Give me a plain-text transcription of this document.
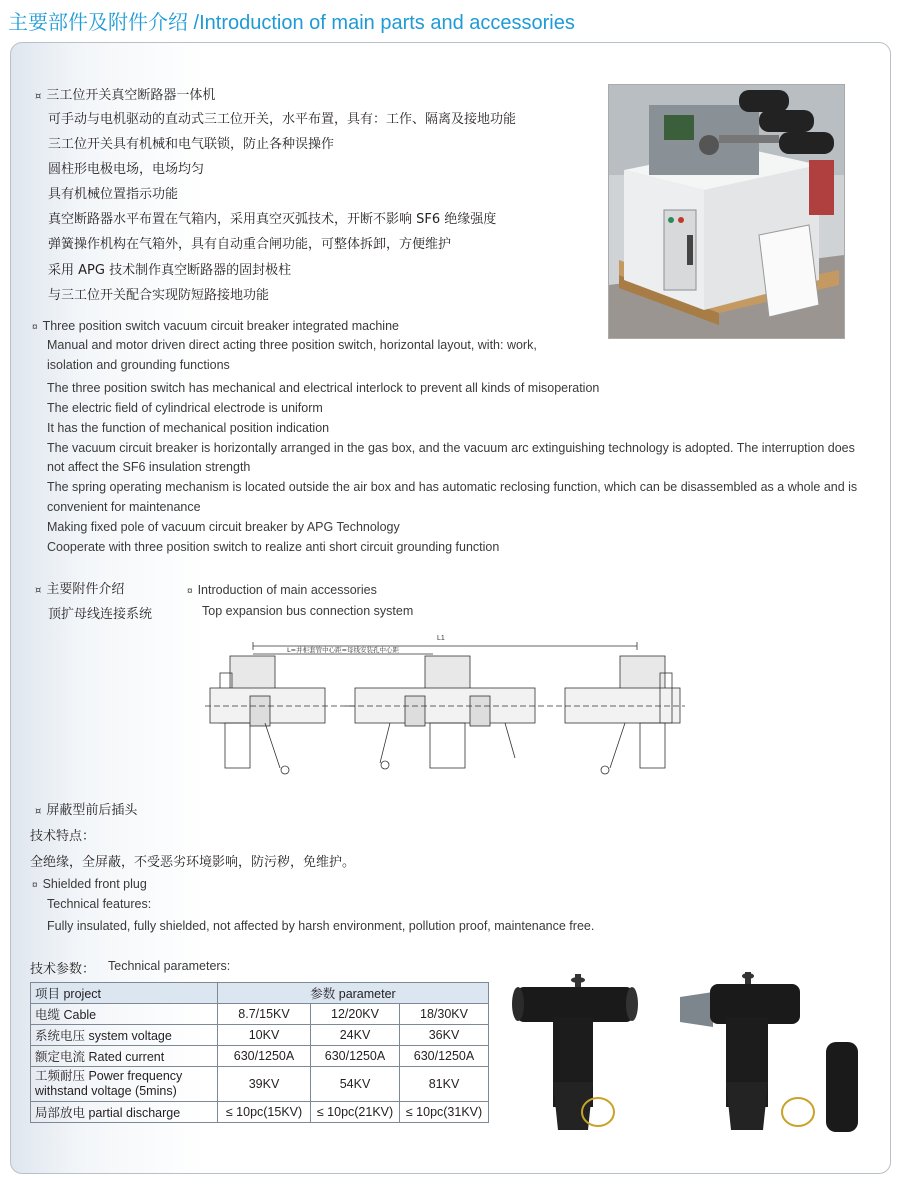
主要部件及附件介绍 /Introduction of main parts and accessories
¤ 三工位开关真空断路器一体机
可手动与电机驱动的直动式三工位开关，水平布置，具有：工作、隔离及接地功能
三工位开关具有机械和电气联锁，防止各种误操作
圆柱形电极电场，电场均匀
具有机械位置指示功能
真空断路器水平布置在气箱内，采用真空灭弧技术，开断不影响 SF6 绝缘强度
弹簧操作机构在气箱外，具有自动重合闸功能，可整体拆卸，方便维护
采用 APG 技术制作真空断路器的固封极柱
与三工位开关配合实现防短路接地功能
¤ Three position switch vacuum circuit breaker integrated machine
Manual and motor driven direct acting three position switch, horizontal layout, with: work,
isolation and grounding functions
The three position switch has mechanical and electrical interlock to prevent all kinds of misoperation
The electric field of cylindrical electrode is uniform
It has the function of mechanical position indication
The vacuum circuit breaker is horizontally arranged in the gas box, and the vacuum arc extinguishing technology is adopted. The interruption does
not affect the SF6 insulation strength
The spring operating mechanism is located outside the air box and has automatic reclosing function, which can be disassembled as a whole and is
convenient for maintenance
Making fixed pole of vacuum circuit breaker by APG Technology
Cooperate with three position switch to realize anti short circuit grounding function
¤ 主要附件介绍
顶扩母线连接系统
¤ Introduction of main accessories
Top expansion bus connection system
L1
L=并柜套管中心距=母线安装孔中心距
¤ 屏蔽型前后插头
技术特点：
全绝缘，全屏蔽，不受恶劣环境影响，防污秽，免维护。
¤ Shielded front plug
Technical features:
Fully insulated, fully shielded, not affected by harsh environment, pollution proof, maintenance free.
技术参数： Technical parameters:
项目 project	参数 parameter		
电缆 Cable	8.7/15KV	12/20KV	18/30KV
系统电压 system voltage	10KV	24KV	36KV
额定电流 Rated current	630/1250A	630/1250A	630/1250A
工频耐压 Power frequency
withstand voltage (5mins)	39KV	54KV	81KV
局部放电 partial discharge	≤ 10pc(15KV)	≤ 10pc(21KV)	≤ 10pc(31KV)
